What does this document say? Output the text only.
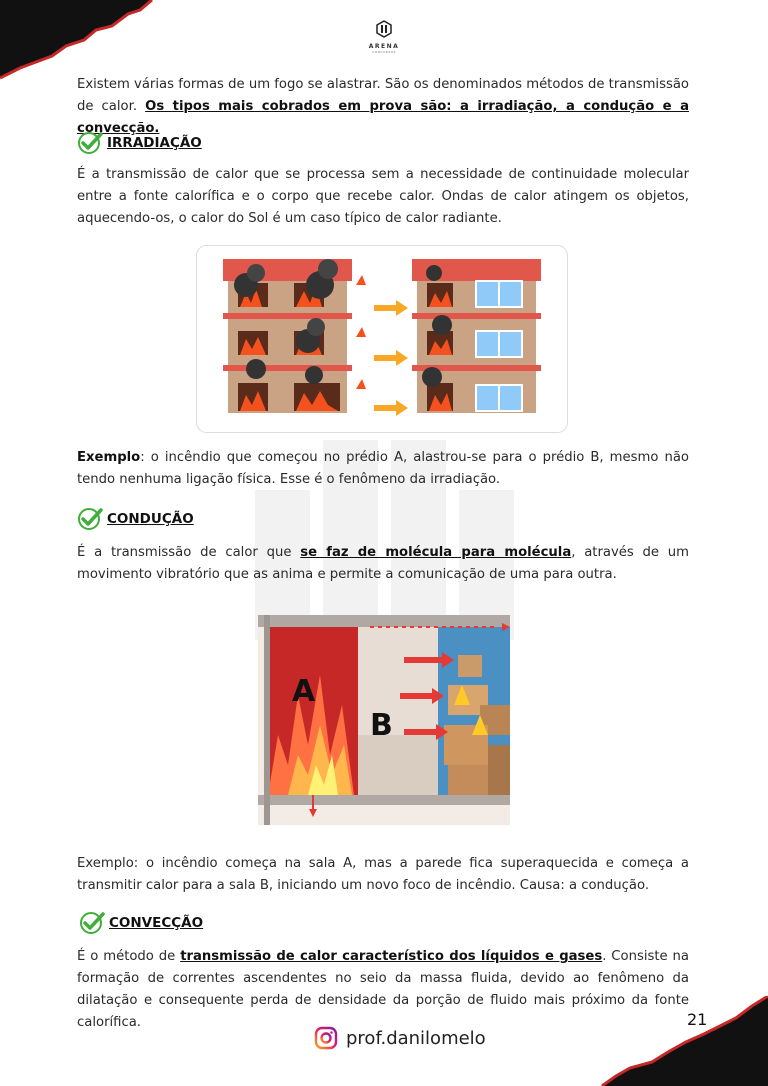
ARENA
CONCURSOS

Existem várias formas de um fogo se alastrar. São os denominados métodos de transmissão de calor. Os tipos mais cobrados em prova são: a irradiação, a condução e a convecção.

IRRADIAÇÃO

É a transmissão de calor que se processa sem a necessidade de continuidade molecular entre a fonte calorífica e o corpo que recebe calor. Ondas de calor atingem os objetos, aquecendo-os, o calor do Sol é um caso típico de calor radiante.

Exemplo: o incêndio que começou no prédio A, alastrou-se para o prédio B, mesmo não tendo nenhuma ligação física. Esse é o fenômeno da irradiação.

CONDUÇÃO

É a transmissão de calor que se faz de molécula para molécula, através de um movimento vibratório que as anima e permite a comunicação de uma para outra.

A
B

Exemplo: o incêndio começa na sala A, mas a parede fica superaquecida e começa a transmitir calor para a sala B, iniciando um novo foco de incêndio. Causa: a condução.

CONVECÇÃO

É o método de transmissão de calor característico dos líquidos e gases. Consiste na formação de correntes ascendentes no seio da massa fluida, devido ao fenômeno da dilatação e consequente perda de densidade da porção de fluido mais próximo da fonte calorífica.	21
prof.danilomelo
